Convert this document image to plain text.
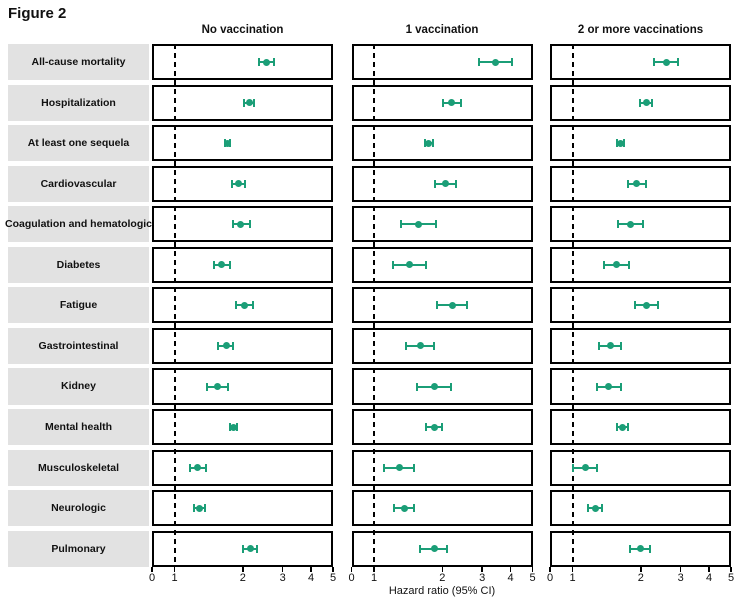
Figure 2
No vaccination	1 vaccination	2 or more vaccinations
0 1	2	3 4 5 0 1	2	3 4 5 0 1	2	3 4 5
All-cause mortality
Hospitalization
At least one sequela
Cardiovascular
Coagulation and hematologic
Diabetes
Fatigue
Gastrointestinal
Kidney
Mental health
Musculoskeletal
Neurologic
Pulmonary
Hazard ratio (95% CI)
